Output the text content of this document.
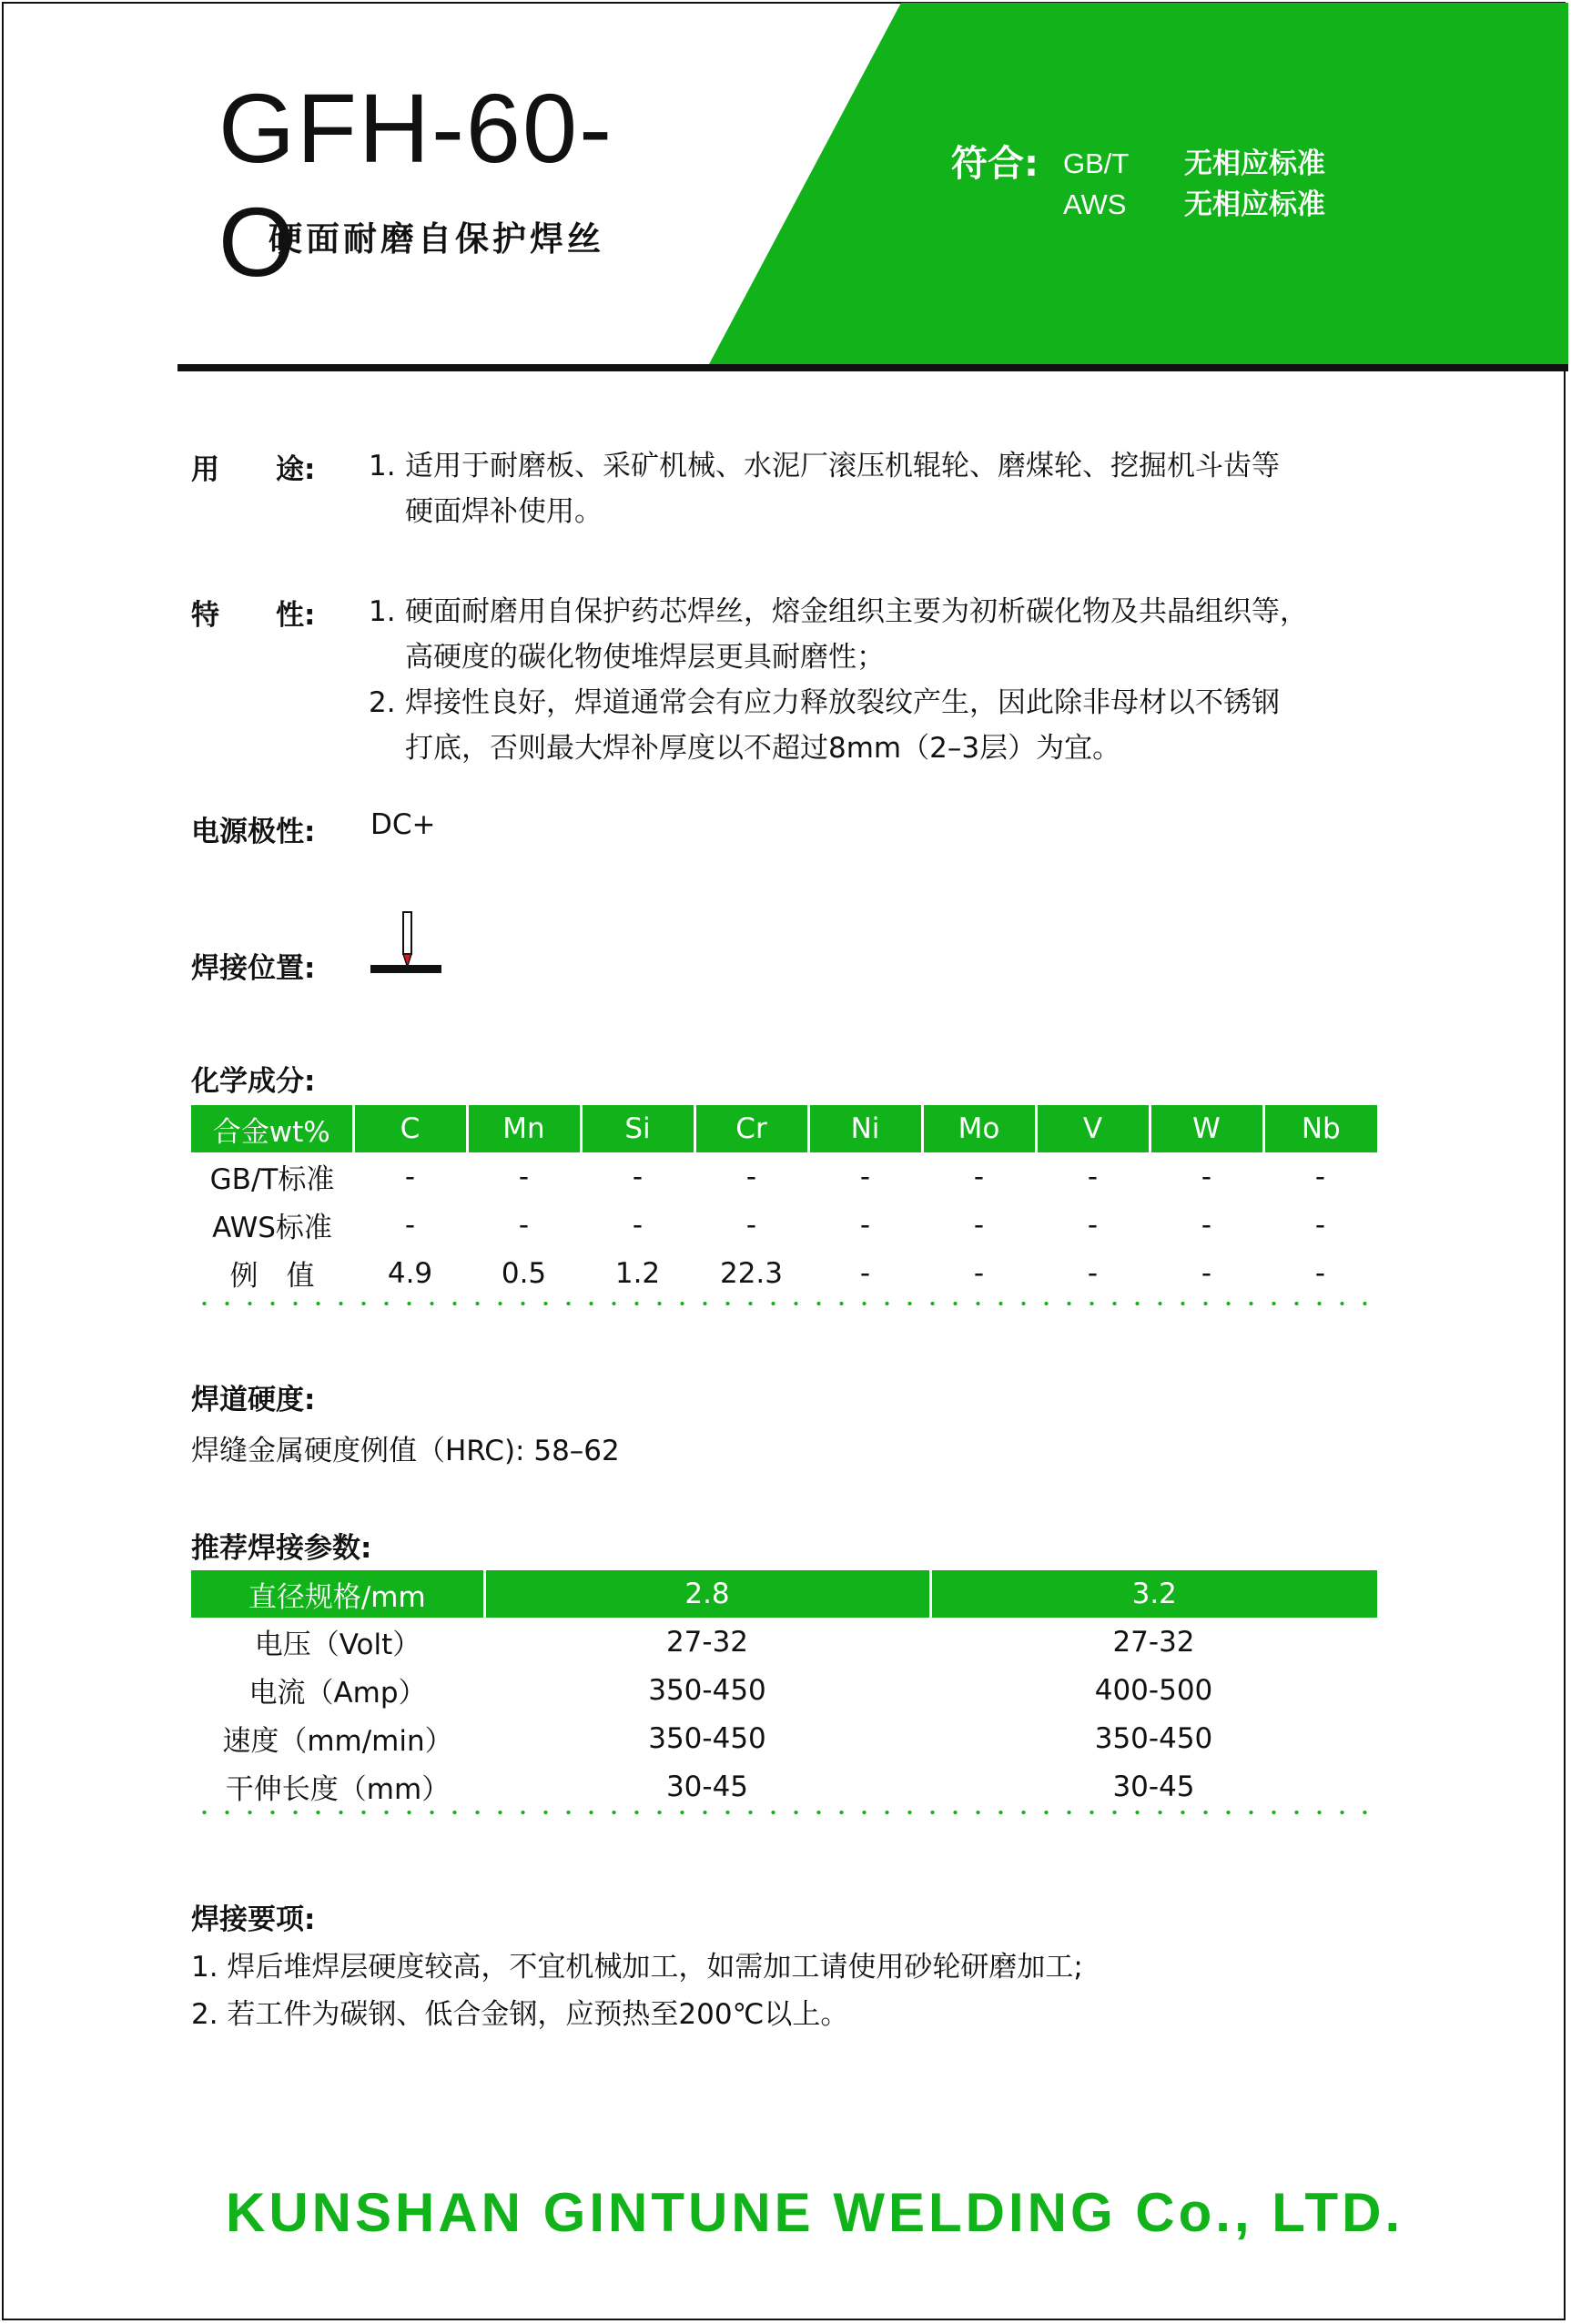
GFH-60-O
硬面耐磨自保护焊丝
符合: GB/T 无相应标准
AWS 无相应标准
用　　途: 1. 适用于耐磨板、采矿机械、水泥厂滚压机辊轮、磨煤轮、挖掘机斗齿等
硬面焊补使用。
特　　性: 1. 硬面耐磨用自保护药芯焊丝，熔金组织主要为初析碳化物及共晶组织等，
高硬度的碳化物使堆焊层更具耐磨性；
2. 焊接性良好，焊道通常会有应力释放裂纹产生，因此除非母材以不锈钢
打底，否则最大焊补厚度以不超过8mm（2–3层）为宜。
电源极性: DC+
焊接位置:
化学成分:
合金wt%	C	Mn	Si	Cr	Ni	Mo	V	W	Nb
GB/T标准	-	-	-	-	-	-	-	-	-
AWS标准	-	-	-	-	-	-	-	-	-
例　值	4.9	0.5	1.2	22.3	-	-	-	-	-
焊道硬度:
焊缝金属硬度例值（HRC): 58–62
推荐焊接参数:
直径规格/mm	2.8	3.2
电压（Volt）	27-32	27-32
电流（Amp）	350-450	400-500
速度（mm/min）	350-450	350-450
干伸长度（mm）	30-45	30-45
焊接要项:
1. 焊后堆焊层硬度较高，不宜机械加工，如需加工请使用砂轮研磨加工;
2. 若工件为碳钢、低合金钢，应预热至200℃以上。
KUNSHAN GINTUNE WELDING Co., LTD.
